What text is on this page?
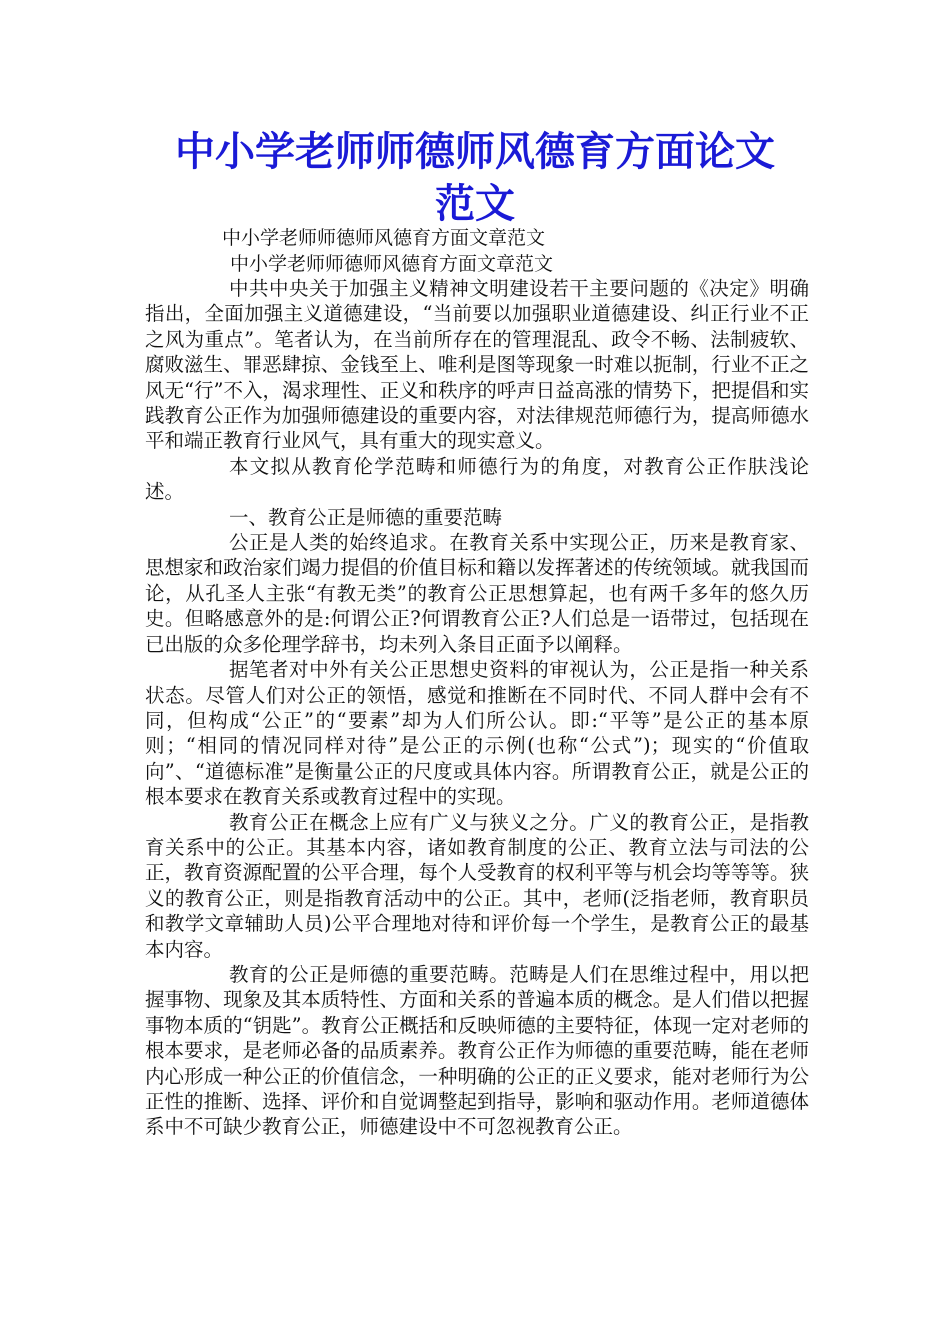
中小学老师师德师风德育方面论文
范文
中小学老师师德师风德育方面文章范文
中小学老师师德师风德育方面文章范文

中共中央关于加强主义精神文明建设若干主要问题的《决定》明确指出，全面加强主义道德建设，“当前要以加强职业道德建设、纠正行业不正之风为重点”。笔者认为，在当前所存在的管理混乱、政令不畅、法制疲软、腐败滋生、罪恶肆掠、金钱至上、唯利是图等现象一时难以扼制，行业不正之风无“行”不入，渴求理性、正义和秩序的呼声日益高涨的情势下，把提倡和实践教育公正作为加强师德建设的重要内容，对法律规范师德行为，提高师德水平和端正教育行业风气，具有重大的现实意义。

本文拟从教育伦学范畴和师德行为的角度，对教育公正作肤浅论述。

一、教育公正是师德的重要范畴

公正是人类的始终追求。在教育关系中实现公正，历来是教育家、思想家和政治家们竭力提倡的价值目标和籍以发挥著述的传统领域。就我国而论，从孔圣人主张“有教无类”的教育公正思想算起，也有两千多年的悠久历史。但略感意外的是:何谓公正?何谓教育公正?人们总是一语带过，包括现在已出版的众多伦理学辞书，均未列入条目正面予以阐释。

据笔者对中外有关公正思想史资料的审视认为，公正是指一种关系状态。尽管人们对公正的领悟，感觉和推断在不同时代、不同人群中会有不同，但构成“公正”的“要素”却为人们所公认。即:“平等”是公正的基本原则；“相同的情况同样对待”是公正的示例(也称“公式”)；现实的“价值取向”、“道德标准”是衡量公正的尺度或具体内容。所谓教育公正，就是公正的根本要求在教育关系或教育过程中的实现。

教育公正在概念上应有广义与狭义之分。广义的教育公正，是指教育关系中的公正。其基本内容，诸如教育制度的公正、教育立法与司法的公正，教育资源配置的公平合理，每个人受教育的权利平等与机会均等等等。狭义的教育公正，则是指教育活动中的公正。其中，老师(泛指老师，教育职员和教学文章辅助人员)公平合理地对待和评价每一个学生，是教育公正的最基本内容。

教育的公正是师德的重要范畴。范畴是人们在思维过程中，用以把握事物、现象及其本质特性、方面和关系的普遍本质的概念。是人们借以把握事物本质的“钥匙”。教育公正概括和反映师德的主要特征，体现一定对老师的根本要求，是老师必备的品质素养。教育公正作为师德的重要范畴，能在老师内心形成一种公正的价值信念，一种明确的公正的正义要求，能对老师行为公正性的推断、选择、评价和自觉调整起到指导，影响和驱动作用。老师道德体系中不可缺少教育公正，师德建设中不可忽视教育公正。
